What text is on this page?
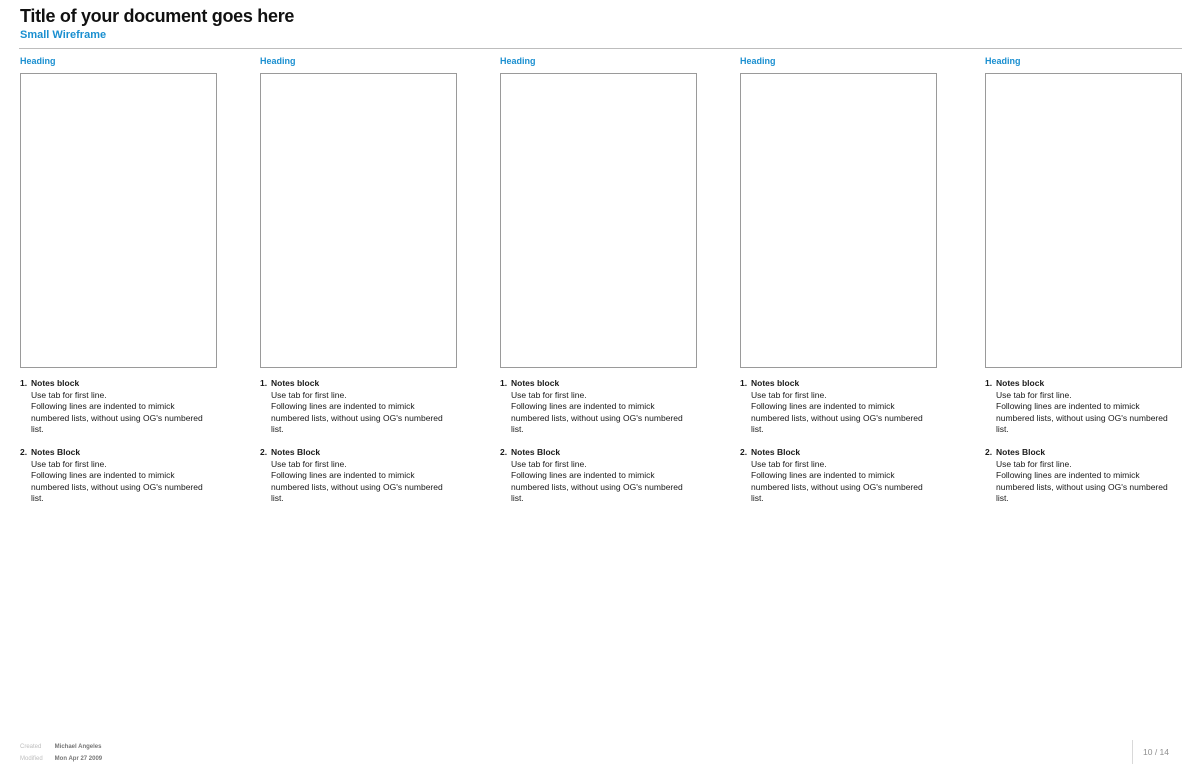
Title of your document goes here
Small Wireframe
Heading
1. Notes block
Use tab for first line.
Following lines are indented to mimick
numbered lists, without using OG's numbered
list.
2. Notes Block
Use tab for first line.
Following lines are indented to mimick
numbered lists, without using OG's numbered
list.
Heading
1. Notes block
Use tab for first line.
Following lines are indented to mimick
numbered lists, without using OG's numbered
list.
2. Notes Block
Use tab for first line.
Following lines are indented to mimick
numbered lists, without using OG's numbered
list.
Heading
1. Notes block
Use tab for first line.
Following lines are indented to mimick
numbered lists, without using OG's numbered
list.
2. Notes Block
Use tab for first line.
Following lines are indented to mimick
numbered lists, without using OG's numbered
list.
Heading
1. Notes block
Use tab for first line.
Following lines are indented to mimick
numbered lists, without using OG's numbered
list.
2. Notes Block
Use tab for first line.
Following lines are indented to mimick
numbered lists, without using OG's numbered
list.
Heading
1. Notes block
Use tab for first line.
Following lines are indented to mimick
numbered lists, without using OG's numbered
list.
2. Notes Block
Use tab for first line.
Following lines are indented to mimick
numbered lists, without using OG's numbered
list.
Created Michael Angeles
Modified Mon Apr 27 2009
10 / 14
